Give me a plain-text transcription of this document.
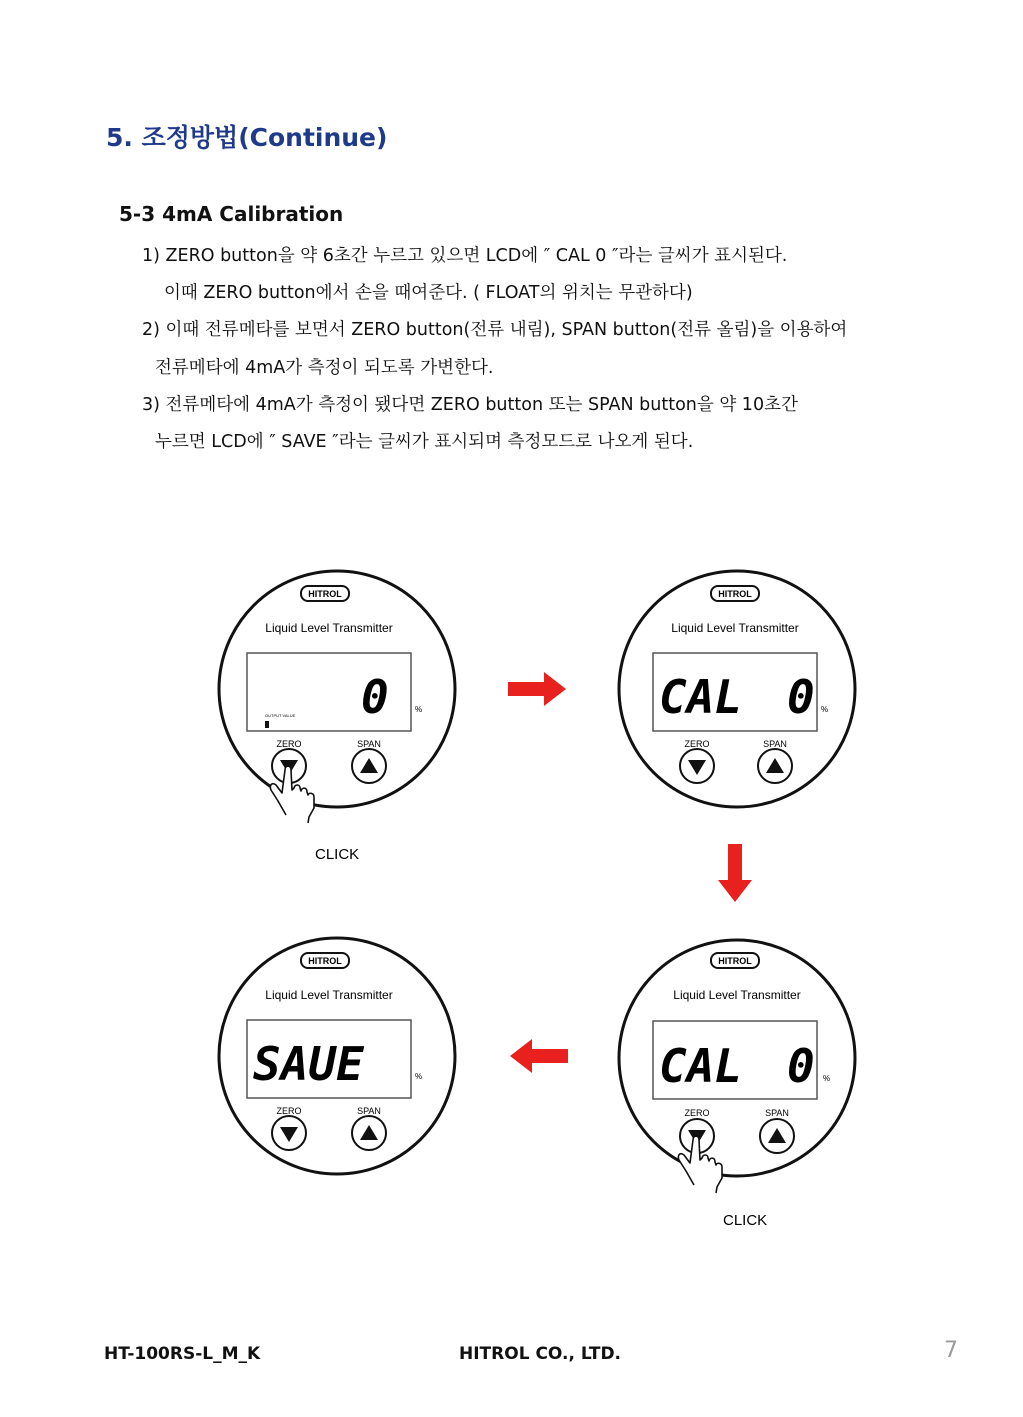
5. 조정방법(Continue)
5-3 4mA Calibration
1) ZERO button을 약 6초간 누르고 있으면 LCD에 ″ CAL 0 ″라는 글씨가 표시된다.
이때 ZERO button에서 손을 때여준다. ( FLOAT의 위치는 무관하다)
2) 이때 전류메타를 보면서 ZERO button(전류 내림), SPAN button(전류 올림)을 이용하여
전류메타에 4mA가 측정이 되도록 가변한다.
3) 전류메타에 4mA가 측정이 됐다면 ZERO button 또는 SPAN button을 약 10초간
누르면 LCD에 ″ SAVE ″라는 글씨가 표시되며 측정모드로 나오게 된다.
HITROL
Liquid Level Transmitter
0	%
OUTPUT VALUE
ZERO	SPAN
CLICK
HITROL
Liquid Level Transmitter
CAL 0 %
ZERO	SPAN
HITROL
Liquid Level Transmitter
SAUE	%
ZERO	SPAN
HITROL
Liquid Level Transmitter
CAL 0 %
ZERO	SPAN
CLICK
HT-100RS-L_M_K	HITROL CO., LTD.	7
